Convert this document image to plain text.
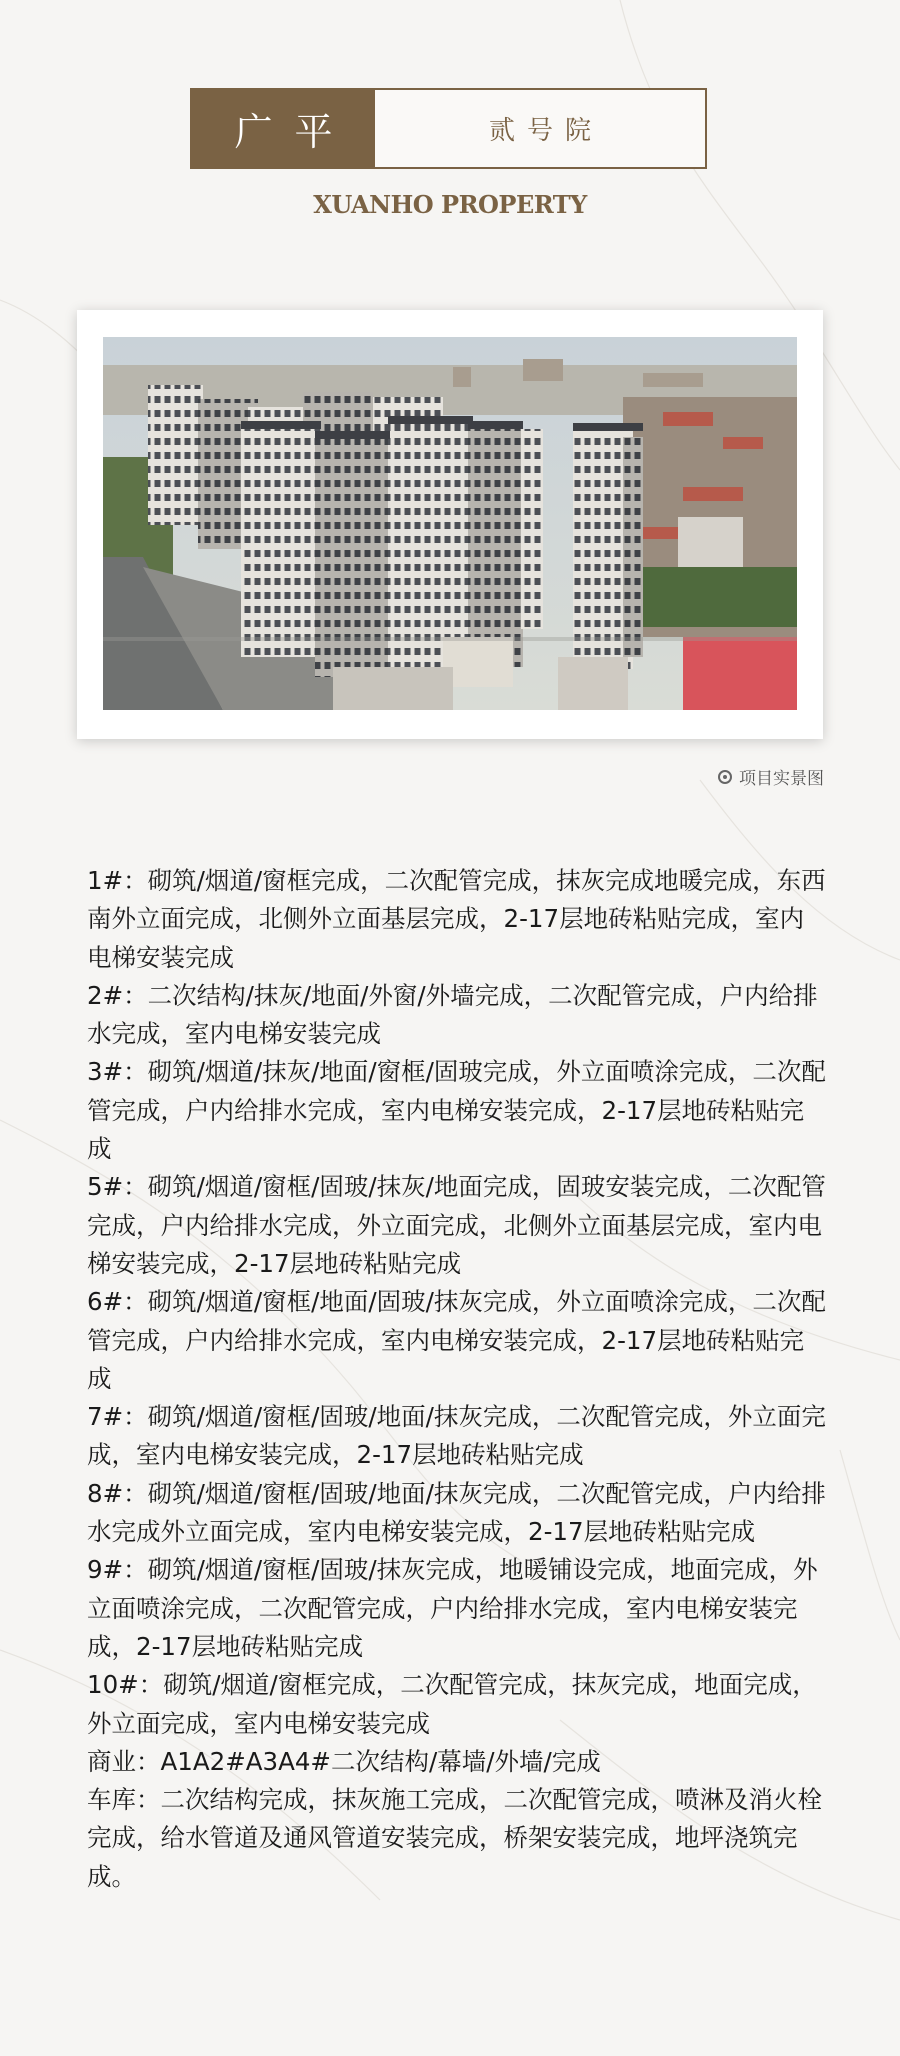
广平	贰号院
XUANHO PROPERTY
项目实景图

1#：砌筑/烟道/窗框完成，二次配管完成，抹灰完成地暖完成，东西南外立面完成，北侧外立面基层完成，2-17层地砖粘贴完成，室内电梯安装完成

2#：二次结构/抹灰/地面/外窗/外墙完成，二次配管完成，户内给排水完成，室内电梯安装完成

3#：砌筑/烟道/抹灰/地面/窗框/固玻完成，外立面喷涂完成，二次配管完成，户内给排水完成，室内电梯安装完成，2-17层地砖粘贴完成

5#：砌筑/烟道/窗框/固玻/抹灰/地面完成，固玻安装完成，二次配管完成，户内给排水完成，外立面完成，北侧外立面基层完成，室内电梯安装完成，2-17层地砖粘贴完成

6#：砌筑/烟道/窗框/地面/固玻/抹灰完成，外立面喷涂完成，二次配管完成，户内给排水完成，室内电梯安装完成，2-17层地砖粘贴完成

7#：砌筑/烟道/窗框/固玻/地面/抹灰完成，二次配管完成，外立面完成，室内电梯安装完成，2-17层地砖粘贴完成

8#：砌筑/烟道/窗框/固玻/地面/抹灰完成，二次配管完成，户内给排水完成外立面完成，室内电梯安装完成，2-17层地砖粘贴完成

9#：砌筑/烟道/窗框/固玻/抹灰完成，地暖铺设完成，地面完成，外立面喷涂完成，二次配管完成，户内给排水完成，室内电梯安装完成，2-17层地砖粘贴完成

10#：砌筑/烟道/窗框完成，二次配管完成，抹灰完成，地面完成，外立面完成，室内电梯安装完成

商业：A1A2#A3A4#二次结构/幕墙/外墙/完成

车库：二次结构完成，抹灰施工完成，二次配管完成，喷淋及消火栓完成，给水管道及通风管道安装完成，桥架安装完成，地坪浇筑完成。
